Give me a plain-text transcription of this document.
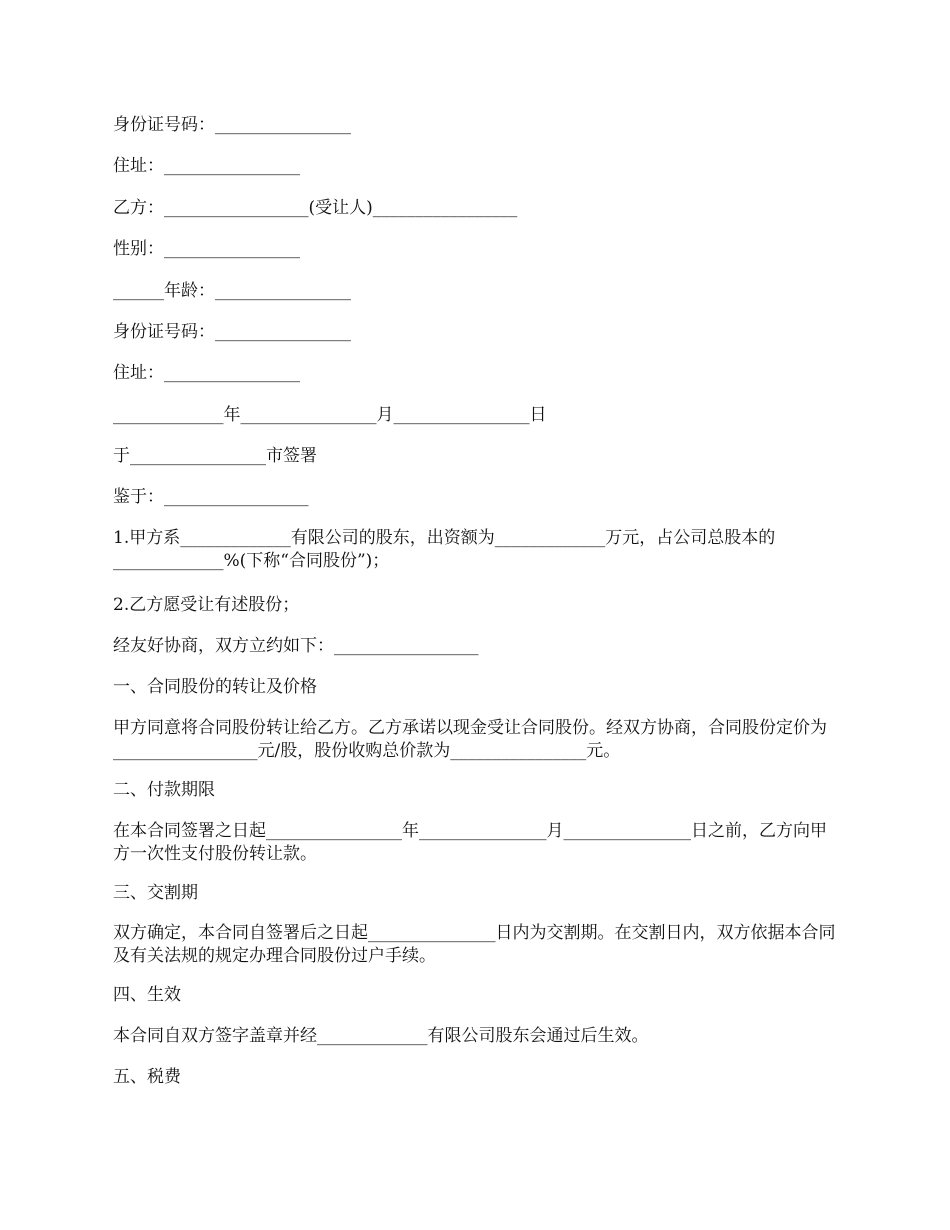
身份证号码：________________
住址：________________
乙方：_________________(受让人)_________________
性别：________________
______年龄：________________
身份证号码：________________
住址：________________
_____________年________________月________________日
于________________市签署
鉴于：_________________
1.甲方系_____________有限公司的股东，出资额为_____________万元，占公司总股本的_____________%(下称“合同股份”)；
2.乙方愿受让有述股份；
经友好协商，双方立约如下：_________________
一、合同股份的转让及价格
甲方同意将合同股份转让给乙方。乙方承诺以现金受让合同股份。经双方协商，合同股份定价为_________________元/股，股份收购总价款为________________元。
二、付款期限
在本合同签署之日起________________年_______________月_______________日之前，乙方向甲方一次性支付股份转让款。
三、交割期
双方确定，本合同自签署后之日起_______________日内为交割期。在交割日内，双方依据本合同及有关法规的规定办理合同股份过户手续。
四、生效
本合同自双方签字盖章并经_____________有限公司股东会通过后生效。
五、税费
